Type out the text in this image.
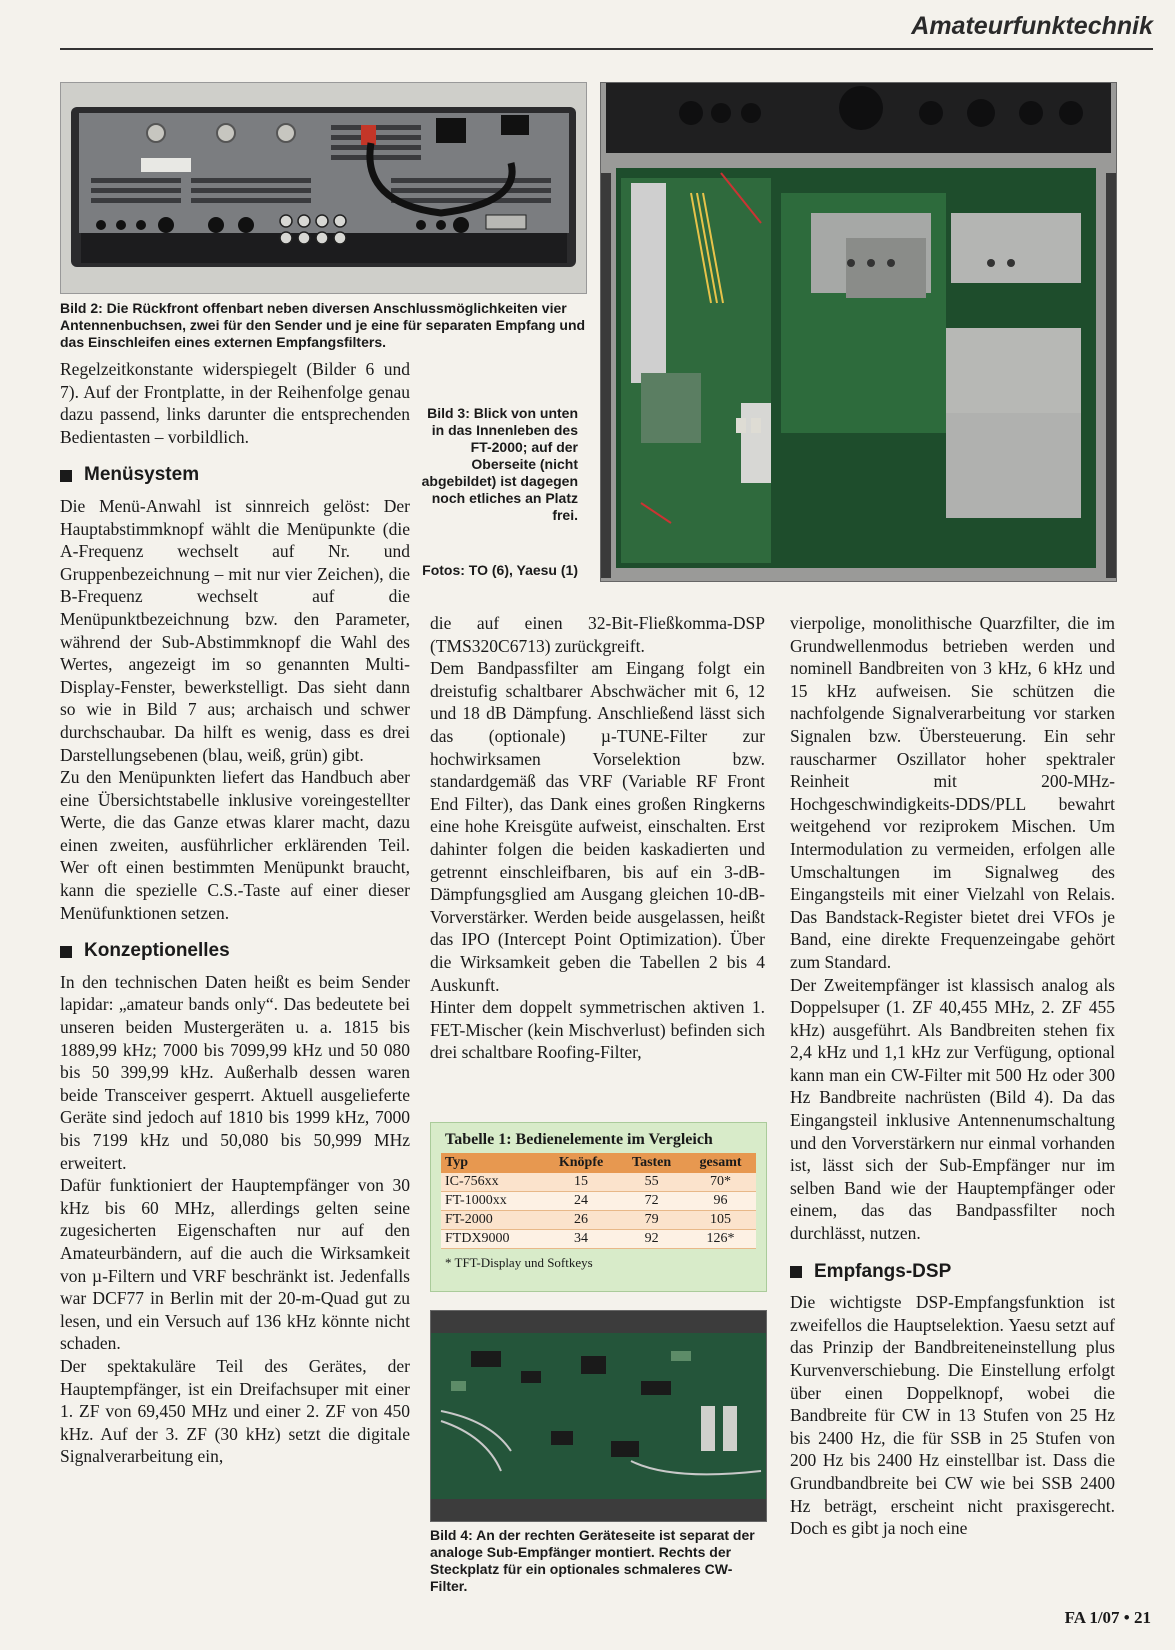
Amateurfunktechnik
Bild 2: Die Rückfront offenbart neben diversen Anschlussmöglichkeiten vier Antennenbuchsen, zwei für den Sender und je eine für separaten Empfang und das Einschleifen eines externen Empfangsfilters.
Bild 3: Blick von unten in das Innenleben des FT-2000; auf der Oberseite (nicht abgebildet) ist dagegen noch etliches an Platz frei.
Fotos: TO (6), Yaesu (1)

Regelzeitkonstante widerspiegelt (Bilder 6 und 7). Auf der Frontplatte, in der Reihenfolge genau dazu passend, links darunter die entsprechenden Bedientasten – vorbildlich.

Menüsystem

Die Menü-Anwahl ist sinnreich gelöst: Der Hauptabstimmknopf wählt die Menüpunkte (die A-Frequenz wechselt auf Nr. und Gruppenbezeichnung – mit nur vier Zeichen), die B-Frequenz wechselt auf die Menüpunktbezeichnung bzw. den Parameter, während der Sub-Abstimmknopf die Wahl des Wertes, angezeigt im so genannten Multi-Display-Fenster, bewerkstelligt. Das sieht dann so wie in Bild 7 aus; archaisch und schwer durchschaubar. Da hilft es wenig, dass es drei Darstellungsebenen (blau, weiß, grün) gibt.

Zu den Menüpunkten liefert das Handbuch aber eine Übersichtstabelle inklusive voreingestellter Werte, die das Ganze etwas klarer macht, dazu einen zweiten, ausführlicher erklärenden Teil. Wer oft einen bestimmten Menüpunkt braucht, kann die spezielle C.S.-Taste auf einer dieser Menüfunktionen setzen.

Konzeptionelles

In den technischen Daten heißt es beim Sender lapidar: „amateur bands only“. Das bedeutete bei unseren beiden Mustergeräten u. a. 1815 bis 1889,99 kHz; 7000 bis 7099,99 kHz und 50 080 bis 50 399,99 kHz. Außerhalb dessen waren beide Transceiver gesperrt. Aktuell ausgelieferte Geräte sind jedoch auf 1810 bis 1999 kHz, 7000 bis 7199 kHz und 50,080 bis 50,999 MHz erweitert.

Dafür funktioniert der Hauptempfänger von 30 kHz bis 60 MHz, allerdings gelten seine zugesicherten Eigenschaften nur auf den Amateurbändern, auf die auch die Wirksamkeit von µ-Filtern und VRF beschränkt ist. Jedenfalls war DCF77 in Berlin mit der 20-m-Quad gut zu lesen, und ein Versuch auf 136 kHz könnte nicht schaden.

Der spektakuläre Teil des Gerätes, der Hauptempfänger, ist ein Dreifachsuper mit einer 1. ZF von 69,450 MHz und einer 2. ZF von 450 kHz. Auf der 3. ZF (30 kHz) setzt die digitale Signalverarbeitung ein,

die auf einen 32-Bit-Fließkomma-DSP (TMS320C6713) zurückgreift.

Dem Bandpassfilter am Eingang folgt ein dreistufig schaltbarer Abschwächer mit 6, 12 und 18 dB Dämpfung. Anschließend lässt sich das (optionale) µ-TUNE-Filter zur hochwirksamen Vorselektion bzw. standardgemäß das VRF (Variable RF Front End Filter), das Dank eines großen Ringkerns eine hohe Kreisgüte aufweist, einschalten. Erst dahinter folgen die beiden kaskadierten und getrennt einschleifbaren, bis auf ein 3-dB-Dämpfungsglied am Ausgang gleichen 10-dB-Vorverstärker. Werden beide ausgelassen, heißt das IPO (Intercept Point Optimization). Über die Wirksamkeit geben die Tabellen 2 bis 4 Auskunft.

Hinter dem doppelt symmetrischen aktiven 1. FET-Mischer (kein Mischverlust) befinden sich drei schaltbare Roofing-Filter,

Tabelle 1: Bedienelemente im Vergleich
Typ	Knöpfe	Tasten	gesamt
IC-756xx	15	55	70*
FT-1000xx	24	72	96
FT-2000	26	79	105
FTDX9000	34	92	126*
* TFT-Display und Softkeys
Bild 4: An der rechten Geräteseite ist separat der analoge Sub-Empfänger montiert. Rechts der Steckplatz für ein optionales schmaleres CW-Filter.

vierpolige, monolithische Quarzfilter, die im Grundwellenmodus betrieben werden und nominell Bandbreiten von 3 kHz, 6 kHz und 15 kHz aufweisen. Sie schützen die nachfolgende Signalverarbeitung vor starken Signalen bzw. Übersteuerung. Ein sehr rauscharmer Oszillator hoher spektraler Reinheit mit 200-MHz-Hochgeschwindigkeits-DDS/PLL bewahrt weitgehend vor reziprokem Mischen. Um Intermodulation zu vermeiden, erfolgen alle Umschaltungen im Signalweg des Eingangsteils mit einer Vielzahl von Relais. Das Bandstack-Register bietet drei VFOs je Band, eine direkte Frequenzeingabe gehört zum Standard.

Der Zweitempfänger ist klassisch analog als Doppelsuper (1. ZF 40,455 MHz, 2. ZF 455 kHz) ausgeführt. Als Bandbreiten stehen fix 2,4 kHz und 1,1 kHz zur Verfügung, optional kann man ein CW-Filter mit 500 Hz oder 300 Hz Bandbreite nachrüsten (Bild 4). Da das Eingangsteil inklusive Antennenumschaltung und den Vorverstärkern nur einmal vorhanden ist, lässt sich der Sub-Empfänger nur im selben Band wie der Hauptempfänger oder einem, das das Bandpassfilter noch durchlässt, nutzen.

Empfangs-DSP

Die wichtigste DSP-Empfangsfunktion ist zweifellos die Hauptselektion. Yaesu setzt auf das Prinzip der Bandbreiteneinstellung plus Kurvenverschiebung. Die Einstellung erfolgt über einen Doppelknopf, wobei die Bandbreite für CW in 13 Stufen von 25 Hz bis 2400 Hz, die für SSB in 25 Stufen von 200 Hz bis 2400 Hz einstellbar ist. Dass die Grundbandbreite bei CW wie bei SSB 2400 Hz beträgt, erscheint nicht praxisgerecht. Doch es gibt ja noch eine

FA 1/07 • 21
